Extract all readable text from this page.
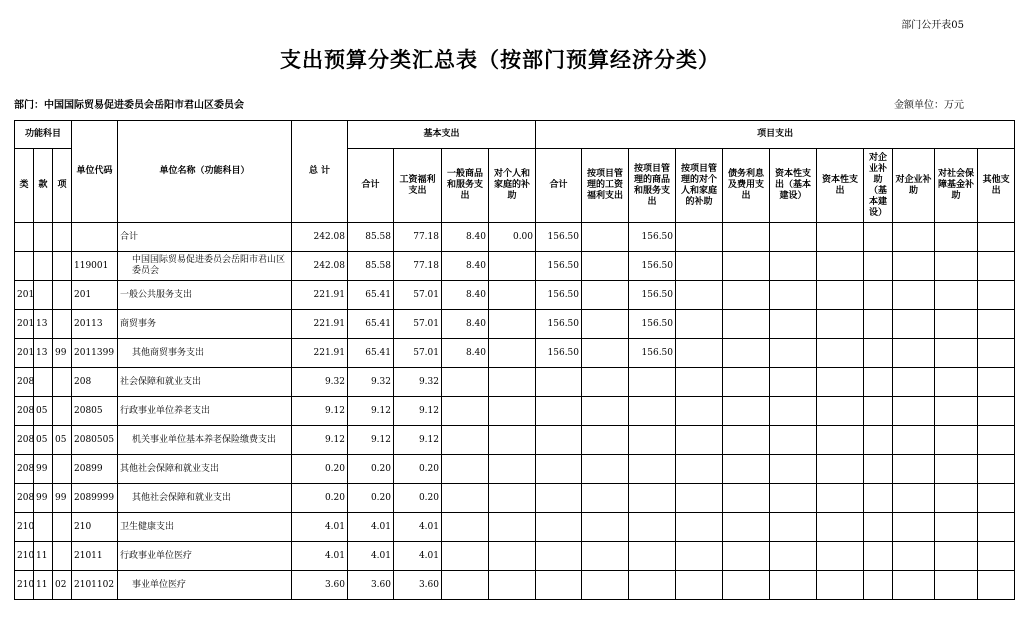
部门公开表05
支出预算分类汇总表（按部门预算经济分类）
部门：中国国际贸易促进委员会岳阳市君山区委员会	金额单位：万元
功能科目			单位代码	单位名称（功能科目）	总 计	基本支出				项目支出										
类	款	项				合计	工资福利支出	一般商品和服务支出	对个人和家庭的补助	合计	按项目管理的工资福利支出	按项目管理的商品和服务支出	按项目管理的对个人和家庭的补助	债务利息及费用支出	资本性支出（基本建设）	资本性支出	对企业补助（基本建设）	对企业补助	对社会保障基金补助	其他支出
				合计	242.08	85.58	77.18	8.40	0.00	156.50		156.50								
			119001	中国国际贸易促进委员会岳阳市君山区委员会	242.08	85.58	77.18	8.40		156.50		156.50								
201			201	一般公共服务支出	221.91	65.41	57.01	8.40		156.50		156.50								
201	13		20113	商贸事务	221.91	65.41	57.01	8.40		156.50		156.50								
201	13	99	2011399	其他商贸事务支出	221.91	65.41	57.01	8.40		156.50		156.50								
208			208	社会保障和就业支出	9.32	9.32	9.32													
208	05		20805	行政事业单位养老支出	9.12	9.12	9.12													
208	05	05	2080505	机关事业单位基本养老保险缴费支出	9.12	9.12	9.12													
208	99		20899	其他社会保障和就业支出	0.20	0.20	0.20													
208	99	99	2089999	其他社会保障和就业支出	0.20	0.20	0.20													
210			210	卫生健康支出	4.01	4.01	4.01													
210	11		21011	行政事业单位医疗	4.01	4.01	4.01													
210	11	02	2101102	事业单位医疗	3.60	3.60	3.60													
